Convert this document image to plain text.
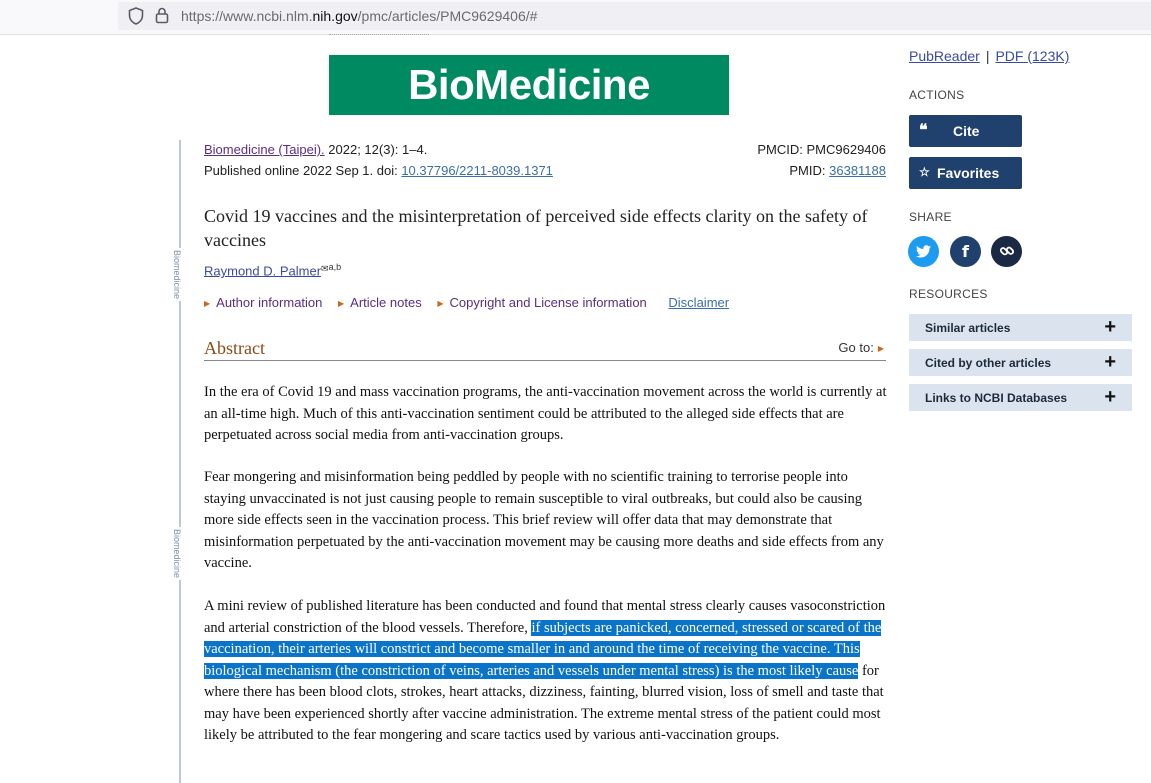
https://www.ncbi.nlm.nih.gov/pmc/articles/PMC9629406/#
BioMedicine
Biomedicine
Biomedicine
Biomedicine (Taipei). 2022; 12(3): 1–4.
Published online 2022 Sep 1. doi: 10.37796/2211-8039.1371
PMCID: PMC9629406
PMID: 36381188
Covid 19 vaccines and the misinterpretation of perceived side effects clarity on the safety of vaccines
Raymond D. Palmer$^{✉a,b}$
▶ Author information ▶ Article notes ▶ Copyright and License information Disclaimer
Abstract	Go to: ▶
In the era of Covid 19 and mass vaccination programs, the anti-vaccination movement across the world is currently at an all-time high. Much of this anti-vaccination sentiment could be attributed to the alleged side effects that are perpetuated across social media from anti-vaccination groups.
Fear mongering and misinformation being peddled by people with no scientific training to terrorise people into staying unvaccinated is not just causing people to remain susceptible to viral outbreaks, but could also be causing more side effects seen in the vaccination process. This brief review will offer data that may demonstrate that misinformation perpetuated by the anti-vaccination movement may be causing more deaths and side effects from any vaccine.
A mini review of published literature has been conducted and found that mental stress clearly causes vasoconstriction and arterial constriction of the blood vessels. Therefore, if subjects are panicked, concerned, stressed or scared of the vaccination, their arteries will constrict and become smaller in and around the time of receiving the vaccine. This biological mechanism (the constriction of veins, arteries and vessels under mental stress) is the most likely cause for where there has been blood clots, strokes, heart attacks, dizziness, fainting, blurred vision, loss of smell and taste that may have been experienced shortly after vaccine administration. The extreme mental stress of the patient could most likely be attributed to the fear mongering and scare tactics used by various anti-vaccination groups.
PubReader | PDF (123K)
ACTIONS
❝ Cite
☆ Favorites
SHARE
f
RESOURCES
Similar articles	+
Cited by other articles	+
Links to NCBI Databases +
